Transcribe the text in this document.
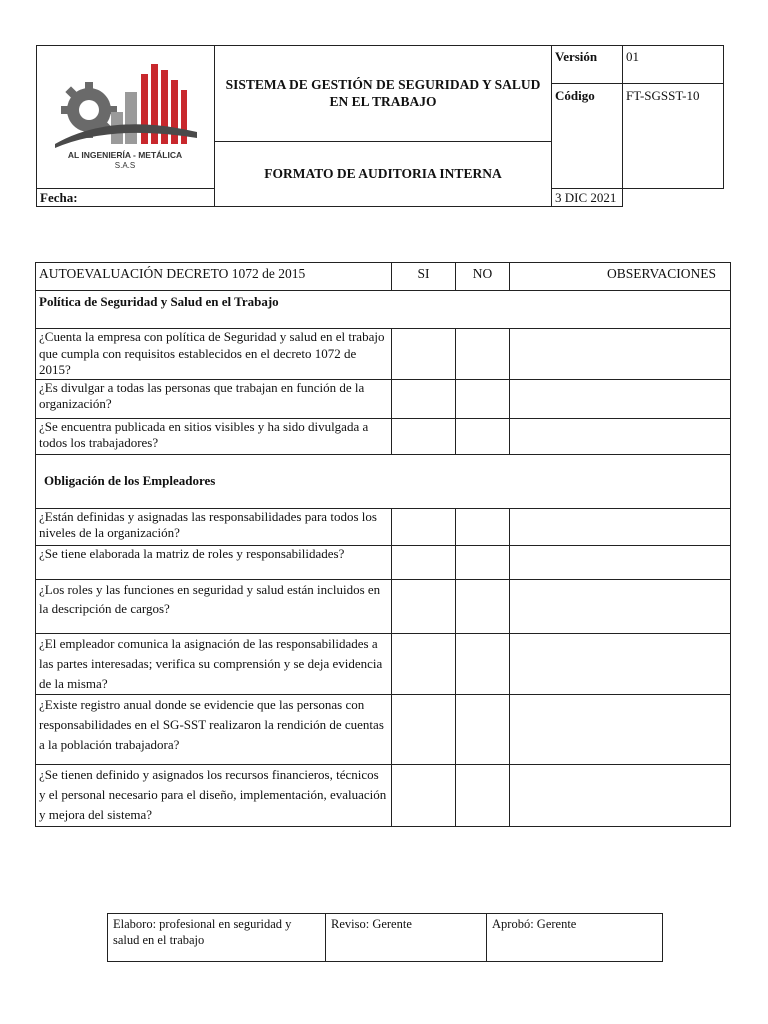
AL INGENIERÍA - METÁLICA
S.A.S	SISTEMA DE GESTIÓN DE SEGURIDAD Y SALUD EN EL TRABAJO	Versión	01
		Código	FT-SGSST-10
	FORMATO DE AUDITORIA INTERNA		
Fecha:		3 DIC 2021	
AUTOEVALUACIÓN DECRETO 1072 de 2015	SI	NO	OBSERVACIONES
Política de Seguridad y Salud en el Trabajo			
¿Cuenta la empresa con política de Seguridad y salud en el trabajo que cumpla con requisitos establecidos en el decreto 1072 de 2015?			
¿Es divulgar a todas las personas que trabajan en función de la organización?			
¿Se encuentra publicada en sitios visibles y ha sido divulgada a todos los trabajadores?			
Obligación de los Empleadores			
¿Están definidas y asignadas las responsabilidades para todos los niveles de la organización?			
¿Se tiene elaborada la matriz de roles y responsabilidades?			
¿Los roles y las funciones en seguridad y salud están incluidos en la descripción de cargos?			
¿El empleador comunica la asignación de las responsabilidades a las partes interesadas; verifica su comprensión y se deja evidencia de la misma?			
¿Existe registro anual donde se evidencie que las personas con responsabilidades en el SG-SST realizaron la rendición de cuentas a la población trabajadora?			
¿Se tienen definido y asignados los recursos financieros, técnicos y el personal necesario para el diseño, implementación, evaluación y mejora del sistema?			
Elaboro: profesional en seguridad y salud en el trabajo	Reviso: Gerente	Aprobó: Gerente
